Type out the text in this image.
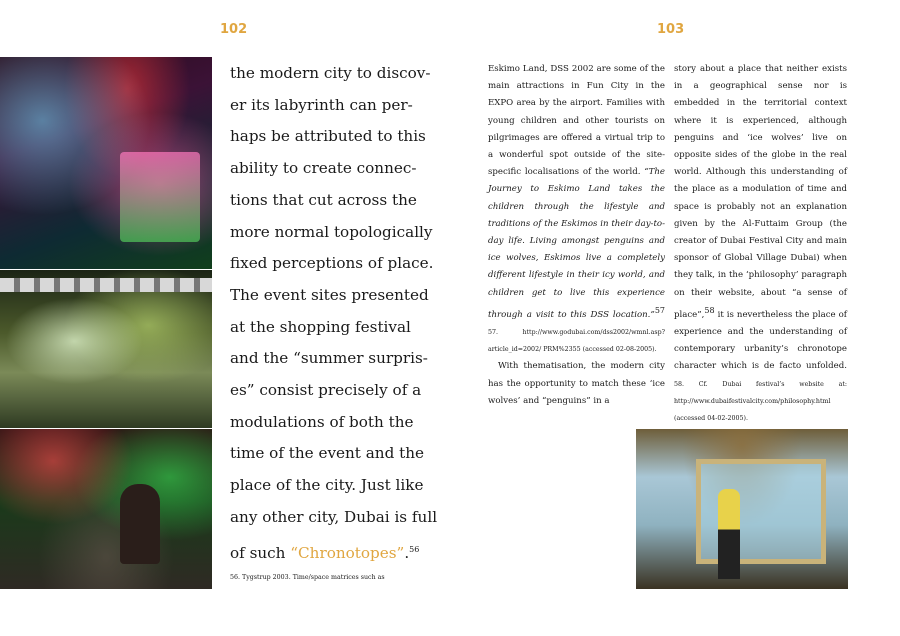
102	103
the modern city to discov-
er its labyrinth can per-
haps be attributed to this
ability to create connec-
tions that cut across the
more normal topologically
fixed perceptions of place.
The event sites presented
at the shopping festival
and the “summer surpris-
es” consist precisely of a
modulations of both the
time of the event and the
place of the city. Just like
any other city, Dubai is full
of such “Chronotopes”.$^{56}$
56. Tygstrup 2003. Time/space matrices such as
Eskimo Land, DSS 2002 are some of the main attractions in Fun City in the EXPO area by the airport. Families with young children and other tourists on pilgrimages are offered a virtual trip to a wonderful spot outside of the site-specific localisations of the world. “The Journey to Eskimo Land takes the children through the lifestyle and traditions of the Eskimos in their day-to-day life. Living amongst penguins and ice wolves, Eskimos live a completely different lifestyle in their icy world, and children get to live this experience through a visit to this DSS location.”$^{57}$ 57. http://www.godubai.com/dss2002/wmnl.asp?article_id=2002/ PRM%2355 (accessed 02-08-2005).
With thematisation, the modern city has the opportunity to match these ‘ice wolves’ and “penguins” in a
story about a place that neither exists in a geographical sense nor is embedded in the territorial context where it is experienced, although penguins and ‘ice wolves’ live on opposite sides of the globe in the real world. Although this understanding of the place as a modulation of time and space is probably not an explanation given by the Al-Futtaim Group (the creator of Dubai Festival City and main sponsor of Global Village Dubai) when they talk, in the ‘philosophy’ paragraph on their website, about “a sense of place”,$^{58}$ it is nevertheless the place of experience and the understanding of contemporary urbanity’s chronotope character which is de facto unfolded. 58. Cf. Dubai festival’s website at: http://www.dubaifestivalcity.com/philosophy.html (accessed 04-02-2005).
